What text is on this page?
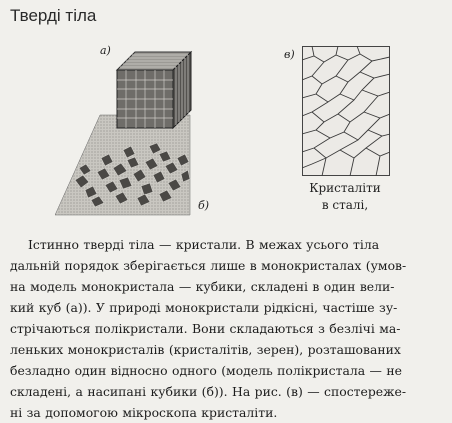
Тверді тіла
а)
б)
в)
Кристаліти
в сталі,
Істинно тверді тіла — кристали. В межах усього тіла
дальній порядок зберігається лише в монокристалах (умов-
на модель монокристала — кубики, складені в один вели-
кий куб (а)). У природі монокристали рідкісні, частіше зу-
стрічаються полікристали. Вони складаються з безлічі ма-
леньких монокристалів (кристалітів, зерен), розташованих
безладно один відносно одного (модель полікристала — не
складені, а насипані кубики (б)). На рис. (в) — спостереже-
ні за допомогою мікроскопа кристаліти.
